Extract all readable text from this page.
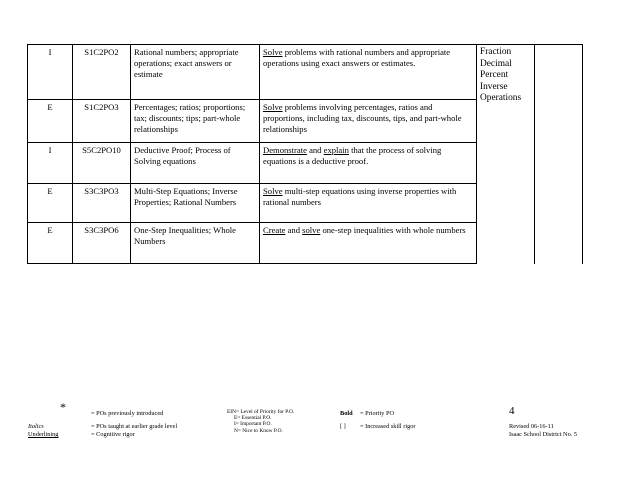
I	S1C2PO2	Rational numbers; appropriate operations; exact answers or estimate	Solve problems with rational numbers and appropriate operations using exact answers or estimates.	Fraction
Decimal
Percent
Inverse
Operations	

E	S1C2PO3	Percentages; ratios; proportions; tax; discounts; tips; part-whole relationships	Solve problems involving percentages, ratios and proportions, including tax, discounts, tips, and part-whole relationships		
I	S5C2PO10	Deductive Proof; Process of Solving equations	Demonstrate and explain that the process of solving equations is a deductive proof.		
E	S3C3PO3	Multi-Step Equations; Inverse Properties; Rational Numbers	Solve multi-step equations using inverse properties with rational numbers		
E	S3C3PO6	One-Step Inequalities; Whole Numbers	Create and solve one-step inequalities with whole numbers		
*	= POs previously introduced
Italics	= POs taught at earlier grade level
Underlining	= Cognitive rigor
EIN= Level of Priority for P.O.
E= Essential P.O.
I= Important P.O.
N= Nice to Know P.O.
Bold = Priority PO
[ ] = Increased skill rigor
4
Revised 06-16-11
Isaac School District No. 5
